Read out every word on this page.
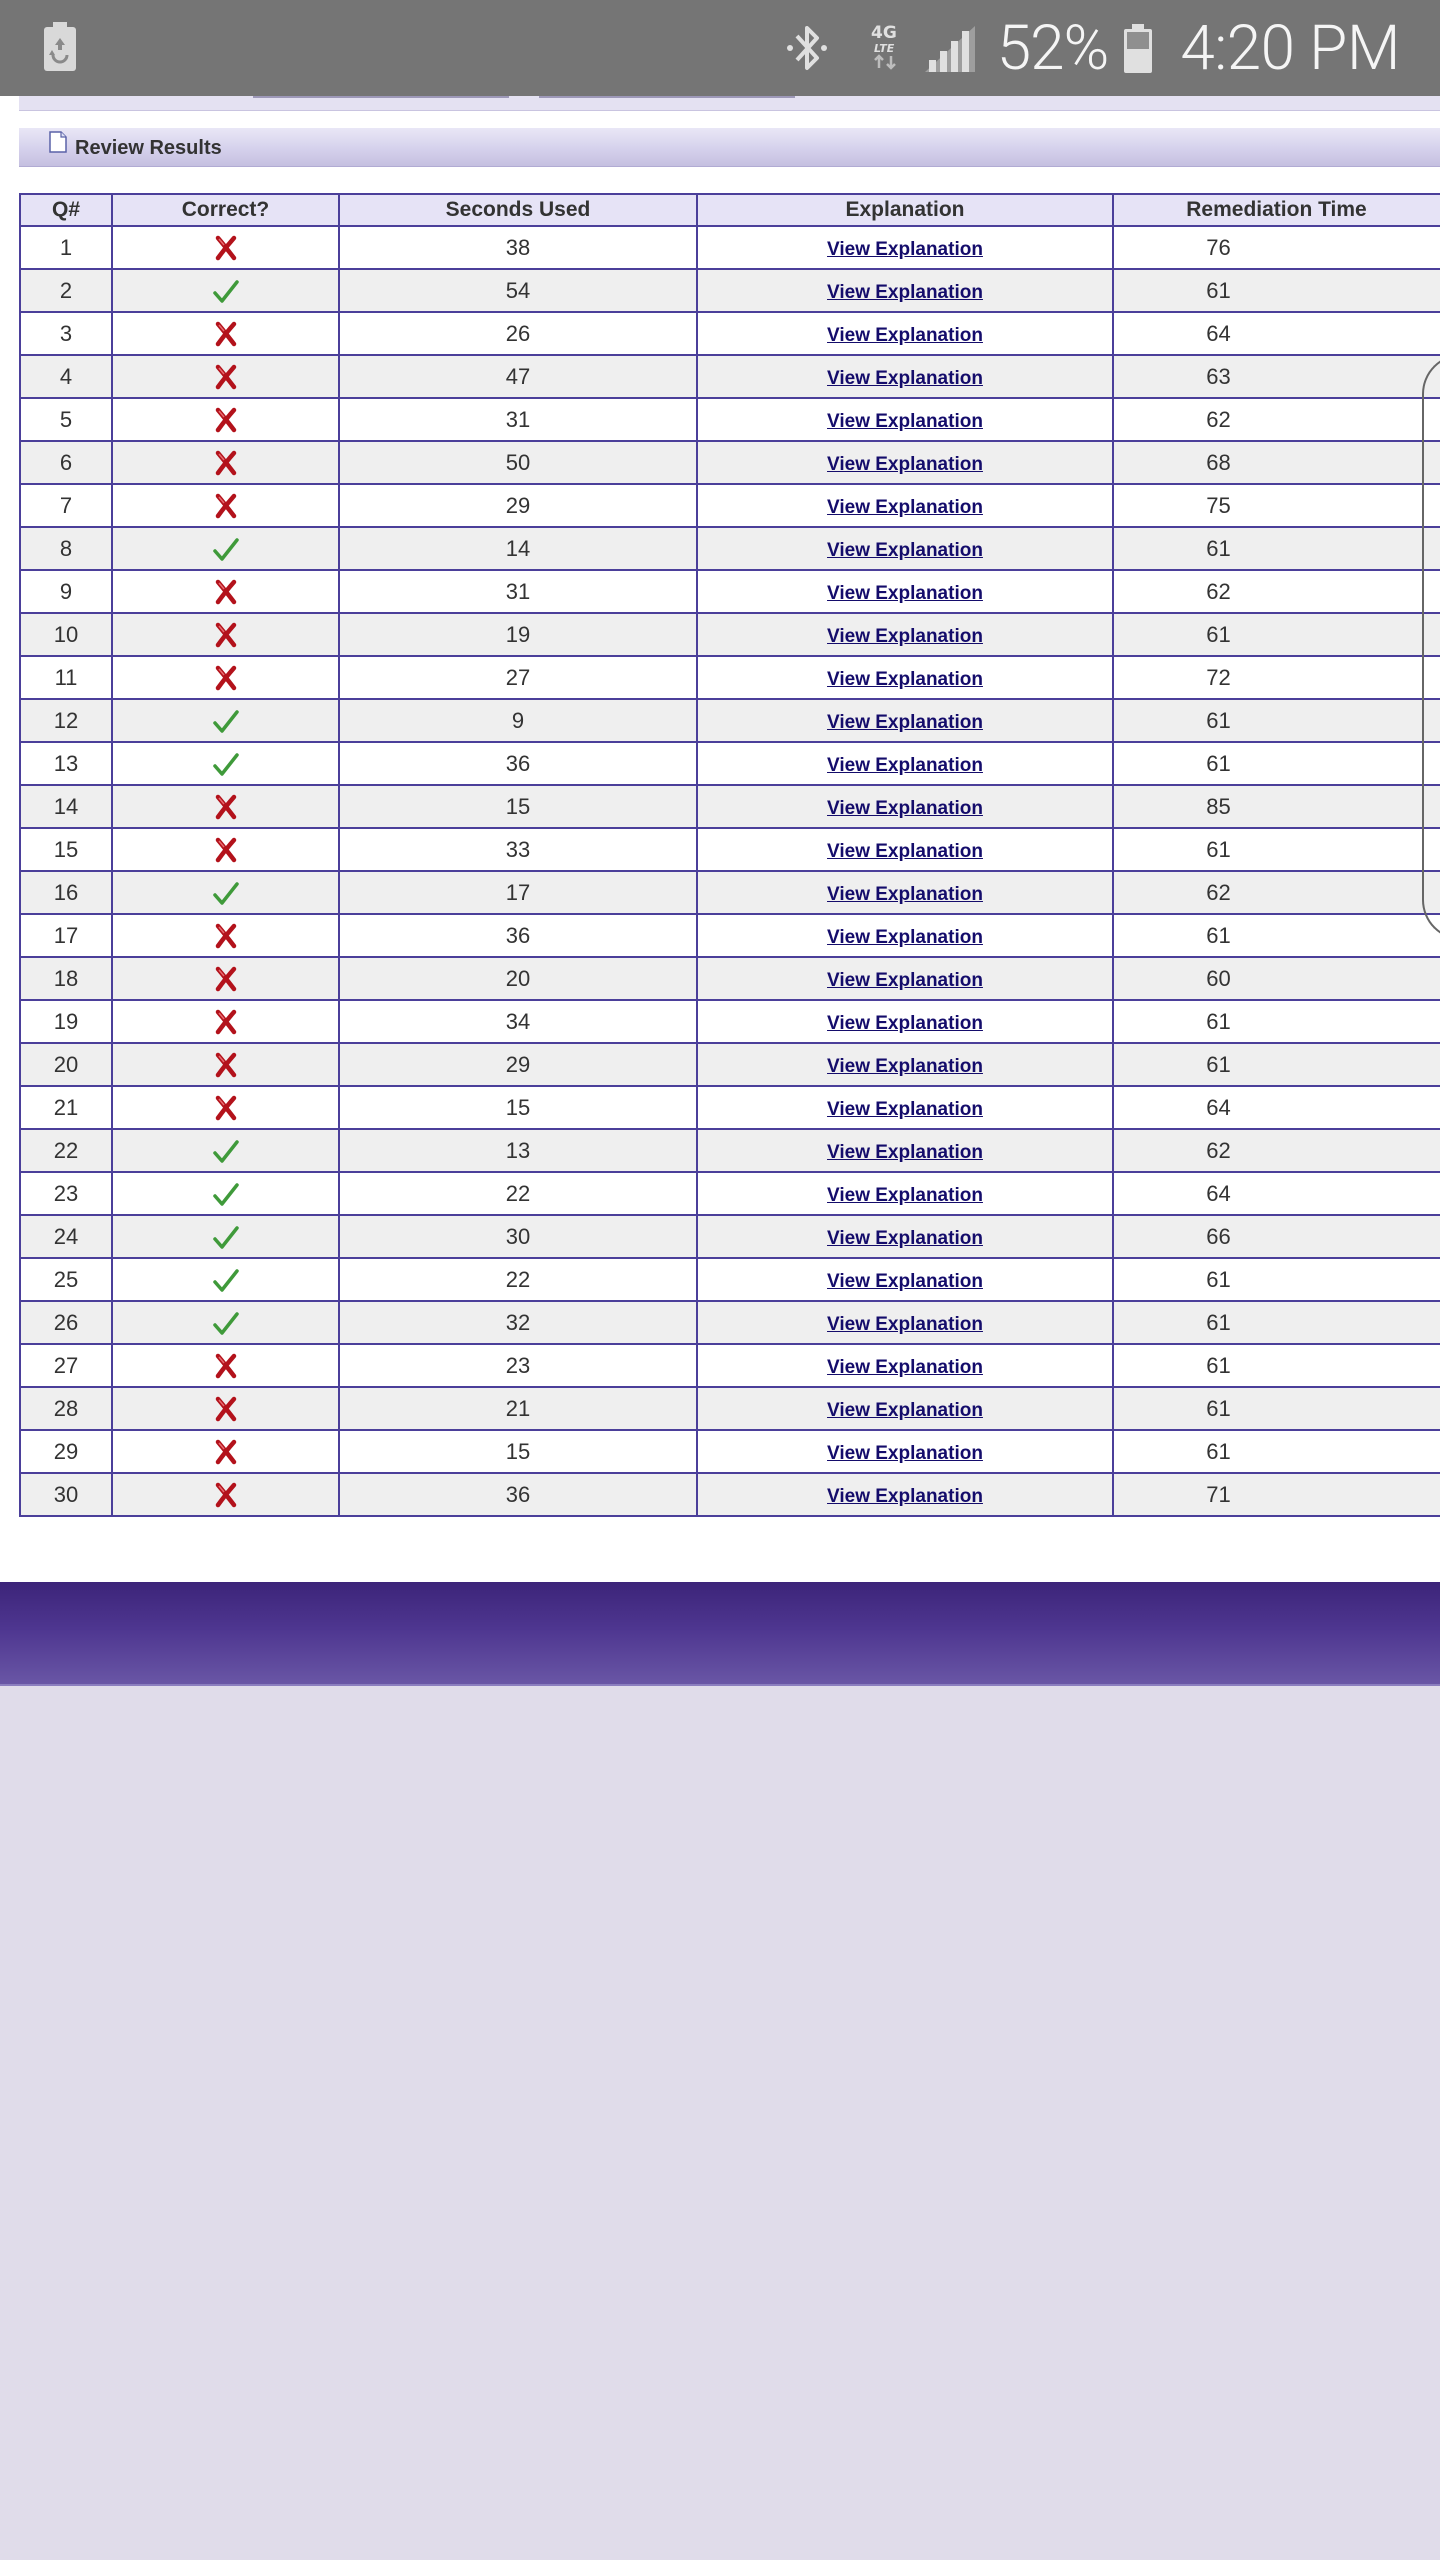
4G
LTE 52% 4:20 PM
Review Results
Q#	Correct?	Seconds Used	Explanation	Remediation Time
1		38	View Explanation	76
2		54	View Explanation	61
3		26	View Explanation	64
4		47	View Explanation	63
5		31	View Explanation	62
6		50	View Explanation	68
7		29	View Explanation	75
8		14	View Explanation	61
9		31	View Explanation	62
10		19	View Explanation	61
11		27	View Explanation	72
12		9	View Explanation	61
13		36	View Explanation	61
14		15	View Explanation	85
15		33	View Explanation	61
16		17	View Explanation	62
17		36	View Explanation	61
18		20	View Explanation	60
19		34	View Explanation	61
20		29	View Explanation	61
21		15	View Explanation	64
22		13	View Explanation	62
23		22	View Explanation	64
24		30	View Explanation	66
25		22	View Explanation	61
26		32	View Explanation	61
27		23	View Explanation	61
28		21	View Explanation	61
29		15	View Explanation	61
30		36	View Explanation	71
